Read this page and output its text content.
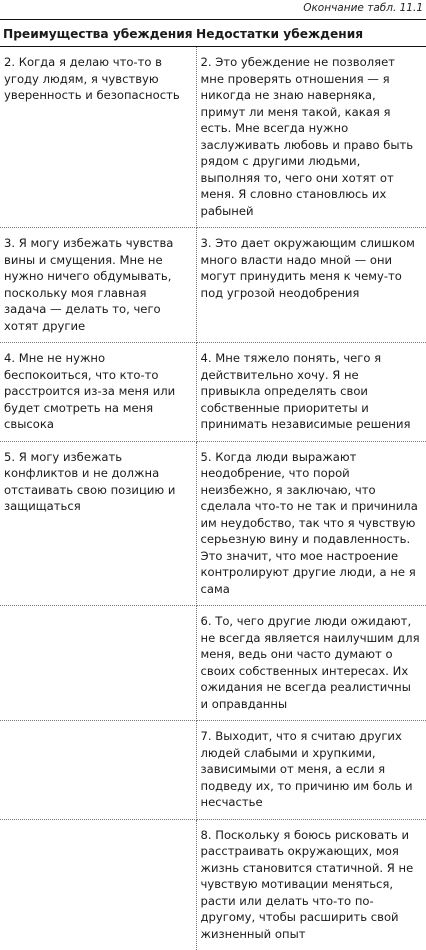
Окончание табл. 11.1
Преимущества убеждения	Недостатки убеждения
2. Когда я делаю что-то в угоду людям, я чувствую уверенность и безопасность	2. Это убеждение не позволяет мне проверять отношения — я никогда не знаю наверняка, примут ли меня такой, какая я есть. Мне всегда нужно заслуживать любовь и право быть рядом с другими людьми, выполняя то, чего они хотят от меня. Я словно становлюсь их рабыней
3. Я могу избежать чувства вины и смущения. Мне не нужно ничего обдумывать, поскольку моя главная задача — делать то, чего хотят другие	3. Это дает окружающим слишком много власти надо мной — они могут принудить меня к чему-то под угрозой неодобрения
4. Мне не нужно беспокоиться, что кто-то расстроится из-за меня или будет смотреть на меня свысока	4. Мне тяжело понять, чего я действительно хочу. Я не привыкла определять свои собственные приоритеты и принимать независимые решения
5. Я могу избежать конфликтов и не должна отстаивать свою позицию и защищаться	5. Когда люди выражают неодобрение, что порой неизбежно, я заключаю, что сделала что-то не так и причинила им неудобство, так что я чувствую серьезную вину и подавленность. Это значит, что мое настроение контролируют другие люди, а не я сама
	6. То, чего другие люди ожидают, не всегда является наилучшим для меня, ведь они часто думают о своих собственных интересах. Их ожидания не всегда реалистичны и оправданны
	7. Выходит, что я считаю других людей слабыми и хрупкими, зависимыми от меня, а если я подведу их, то причиню им боль и несчастье
	8. Поскольку я боюсь рисковать и расстраивать окружающих, моя жизнь становится статичной. Я не чувствую мотивации меняться, расти или делать что-то по-другому, чтобы расширить свой жизненный опыт
